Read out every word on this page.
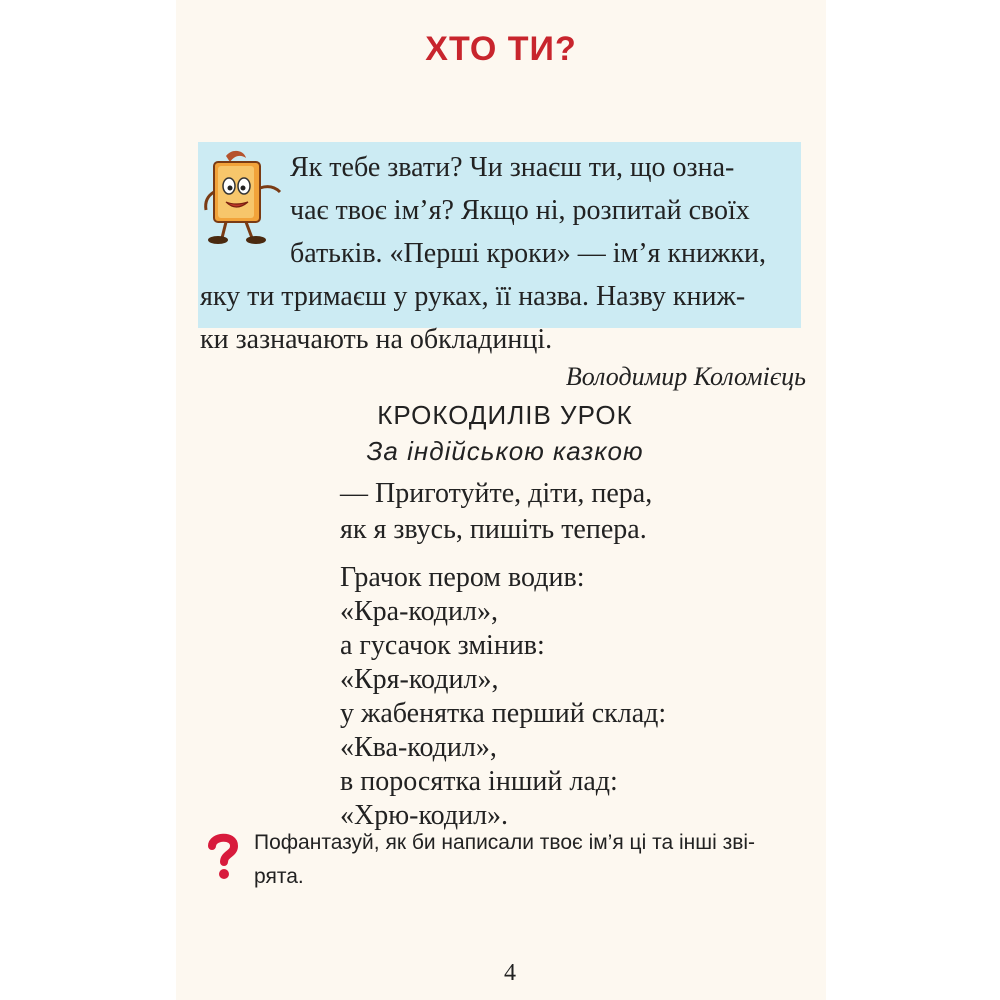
ХТО ТИ?
Як тебе звати? Чи знаєш ти, що озна-
чає твоє ім’я? Якщо ні, розпитай своїх
батьків. «Перші кроки» — ім’я книжки,
яку ти тримаєш у руках, її назва. Назву книж-
ки зазначають на обкладинці.
Володимир Коломієць
КРОКОДИЛІВ УРОК
За індійською казкою
— Приготуйте, діти, пера,
як я звусь, пишіть тепера.
Грачок пером водив:
«Кра-кодил»,
а гусачок змінив:
«Кря-кодил»,
у жабенятка перший склад:
«Ква-кодил»,
в поросятка інший лад:
«Хрю-кодил».
Пофантазуй, як би написали твоє ім’я ці та інші зві-
рята.
4
